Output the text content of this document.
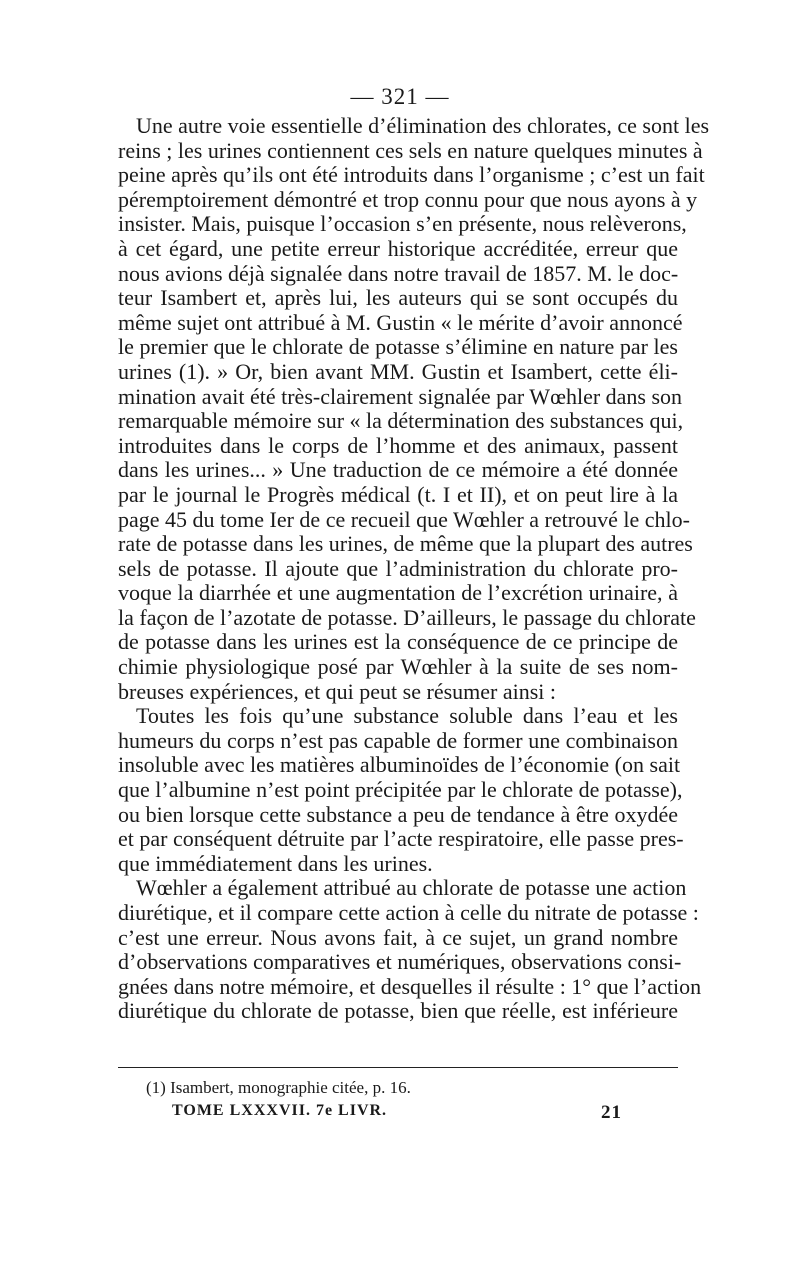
— 321 —
Une autre voie essentielle d’élimination des chlorates, ce sont les
reins ; les urines contiennent ces sels en nature quelques minutes à
peine après qu’ils ont été introduits dans l’organisme ; c’est un fait
péremptoirement démontré et trop connu pour que nous ayons à y
insister. Mais, puisque l’occasion s’en présente, nous relèverons,
à cet égard, une petite erreur historique accréditée, erreur que
nous avions déjà signalée dans notre travail de 1857. M. le doc-
teur Isambert et, après lui, les auteurs qui se sont occupés du
même sujet ont attribué à M. Gustin « le mérite d’avoir annoncé
le premier que le chlorate de potasse s’élimine en nature par les
urines (1). » Or, bien avant MM. Gustin et Isambert, cette éli-
mination avait été très-clairement signalée par Wœhler dans son
remarquable mémoire sur « la détermination des substances qui,
introduites dans le corps de l’homme et des animaux, passent
dans les urines... » Une traduction de ce mémoire a été donnée
par le journal le Progrès médical (t. I et II), et on peut lire à la
page 45 du tome Ier de ce recueil que Wœhler a retrouvé le chlo-
rate de potasse dans les urines, de même que la plupart des autres
sels de potasse. Il ajoute que l’administration du chlorate pro-
voque la diarrhée et une augmentation de l’excrétion urinaire, à
la façon de l’azotate de potasse. D’ailleurs, le passage du chlorate
de potasse dans les urines est la conséquence de ce principe de
chimie physiologique posé par Wœhler à la suite de ses nom-
breuses expériences, et qui peut se résumer ainsi :
Toutes les fois qu’une substance soluble dans l’eau et les
humeurs du corps n’est pas capable de former une combinaison
insoluble avec les matières albuminoïdes de l’économie (on sait
que l’albumine n’est point précipitée par le chlorate de potasse),
ou bien lorsque cette substance a peu de tendance à être oxydée
et par conséquent détruite par l’acte respiratoire, elle passe pres-
que immédiatement dans les urines.
Wœhler a également attribué au chlorate de potasse une action
diurétique, et il compare cette action à celle du nitrate de potasse :
c’est une erreur. Nous avons fait, à ce sujet, un grand nombre
d’observations comparatives et numériques, observations consi-
gnées dans notre mémoire, et desquelles il résulte : 1° que l’action
diurétique du chlorate de potasse, bien que réelle, est inférieure
(1) Isambert, monographie citée, p. 16.
TOME LXXXVII. 7e LIVR.	21
